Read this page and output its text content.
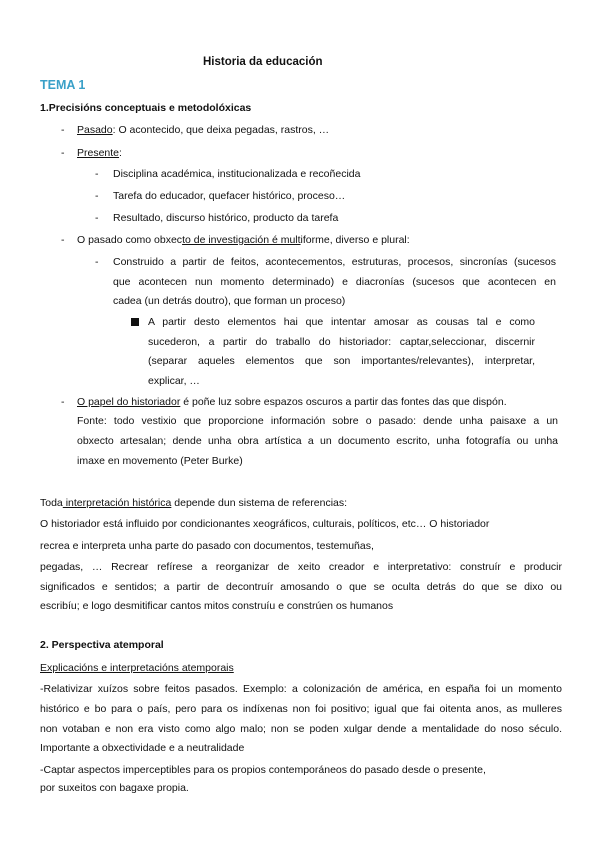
Historia da educación
TEMA 1
1.Precisións conceptuais e metodolóxicas
- Pasado: O acontecido, que deixa pegadas, rastros, …
- Presente:
- Disciplina académica, institucionalizada e recoñecida
- Tarefa do educador, quefacer histórico, proceso…
- Resultado, discurso histórico, producto da tarefa
- O pasado como obxecto de investigación é multiforme, diverso e plural:
- Construido a partir de feitos, acontecementos, estruturas, procesos, sincronías (sucesos
que acontecen nun momento determinado) e diacronías (sucesos que acontecen en
cadea (un detrás doutro), que forman un proceso)
A partir desto elementos hai que intentar amosar as cousas tal e como
sucederon, a partir do traballo do historiador: captar,seleccionar, discernir
(separar aqueles elementos que son importantes/relevantes), interpretar,
explicar, …
- O papel do historiador é poñe luz sobre espazos oscuros a partir das fontes das que dispón.
Fonte: todo vestixio que proporcione información sobre o pasado: dende unha paisaxe a un
obxecto artesalan; dende unha obra artística a un documento escrito, unha fotografía ou unha
imaxe en movemento (Peter Burke)
Toda interpretación histórica depende dun sistema de referencias:
O historiador está influido por condicionantes xeográficos, culturais, políticos, etc… O historiador
recrea e interpreta unha parte do pasado con documentos, testemuñas,
pegadas, … Recrear refírese a reorganizar de xeito creador e interpretativo: construír e producir
significados e sentidos; a partir de decontruír amosando o que se oculta detrás do que se dixo ou
escribíu; e logo desmitificar cantos mitos construíu e constrúen os humanos
2. Perspectiva atemporal
Explicacións e interpretacións atemporais
-Relativizar xuízos sobre feitos pasados. Exemplo: a colonización de américa, en españa foi un momento
histórico e bo para o país, pero para os indíxenas non foi positivo; igual que fai oitenta anos, as mulleres
non votaban e non era visto como algo malo; non se poden xulgar dende a mentalidade do noso século.
Importante a obxectividade e a neutralidade
-Captar aspectos imperceptibles para os propios contemporáneos do pasado desde o presente,
por suxeitos con bagaxe propia.
